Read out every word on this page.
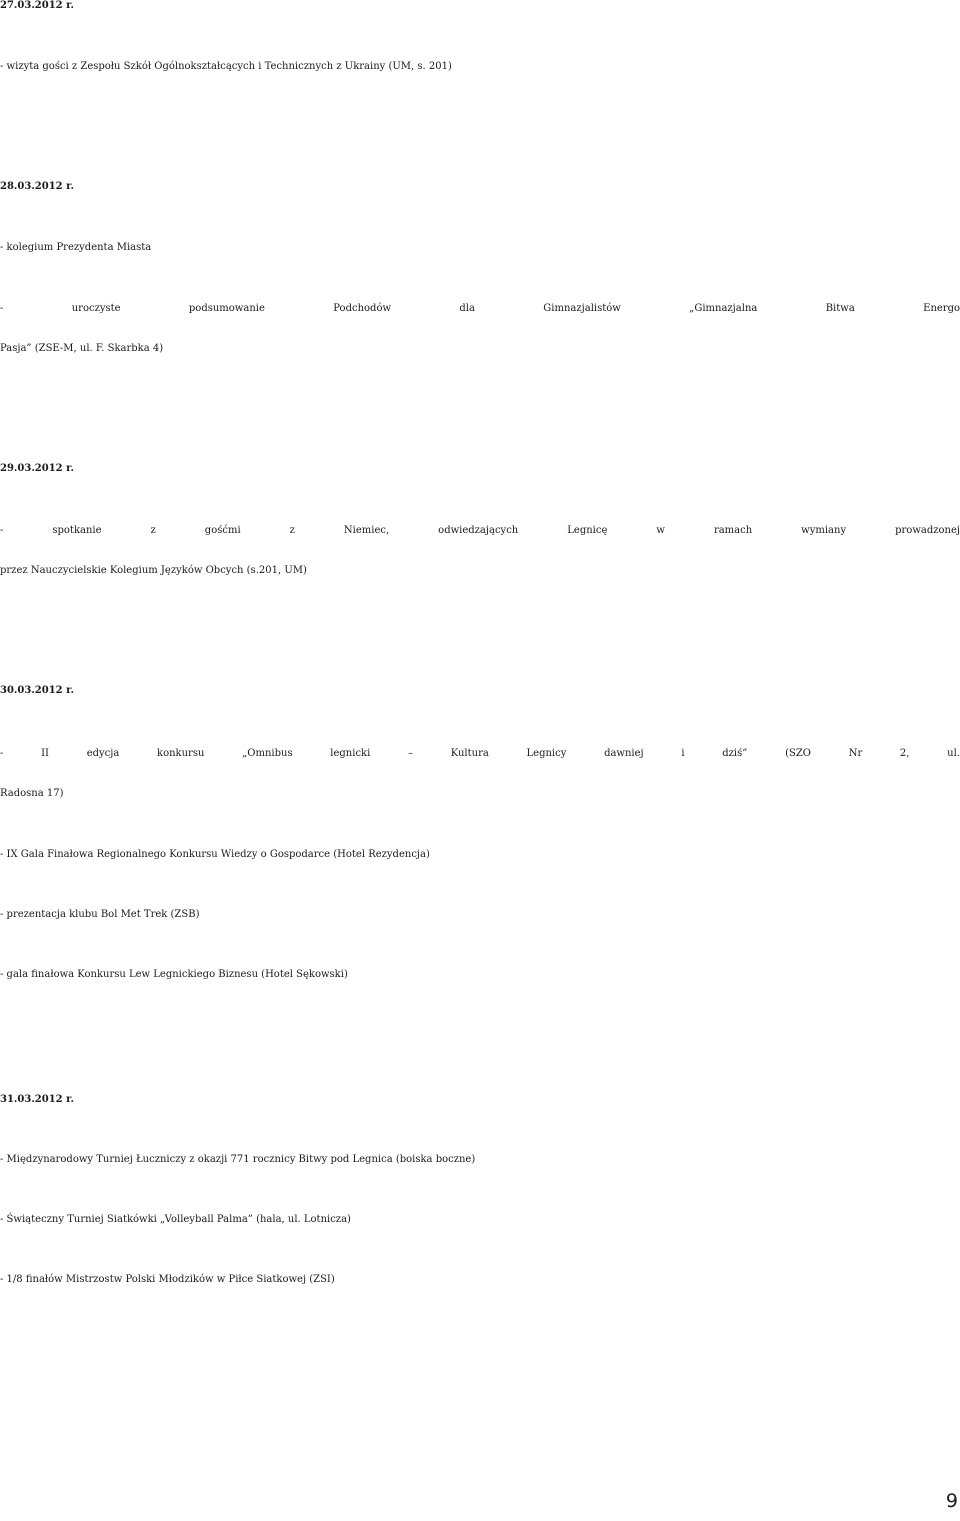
27.03.2012 r.
- wizyta gości z Zespołu Szkół Ogólnokształcących i Technicznych z Ukrainy (UM, s. 201)
28.03.2012 r.
- kolegium Prezydenta Miasta
- uroczyste podsumowanie Podchodów dla Gimnazjalistów „Gimnazjalna Bitwa Energo
Pasja” (ZSE-M, ul. F. Skarbka 4)
29.03.2012 r.
- spotkanie z gośćmi z Niemiec, odwiedzających Legnicę w ramach wymiany prowadzonej
przez Nauczycielskie Kolegium Języków Obcych (s.201, UM)
30.03.2012 r.
- II edycja konkursu „Omnibus legnicki – Kultura Legnicy dawniej i dziś” (SZO Nr 2, ul.
Radosna 17)
- IX Gala Finałowa Regionalnego Konkursu Wiedzy o Gospodarce (Hotel Rezydencja)
- prezentacja klubu Bol Met Trek (ZSB)
- gala finałowa Konkursu Lew Legnickiego Biznesu (Hotel Sękowski)
31.03.2012 r.
- Międzynarodowy Turniej Łuczniczy z okazji 771 rocznicy Bitwy pod Legnica (boiska boczne)
- Świąteczny Turniej Siatkówki „Volleyball Palma” (hala, ul. Lotnicza)
- 1/8 finałów Mistrzostw Polski Młodzików w Piłce Siatkowej (ZSI)
9
